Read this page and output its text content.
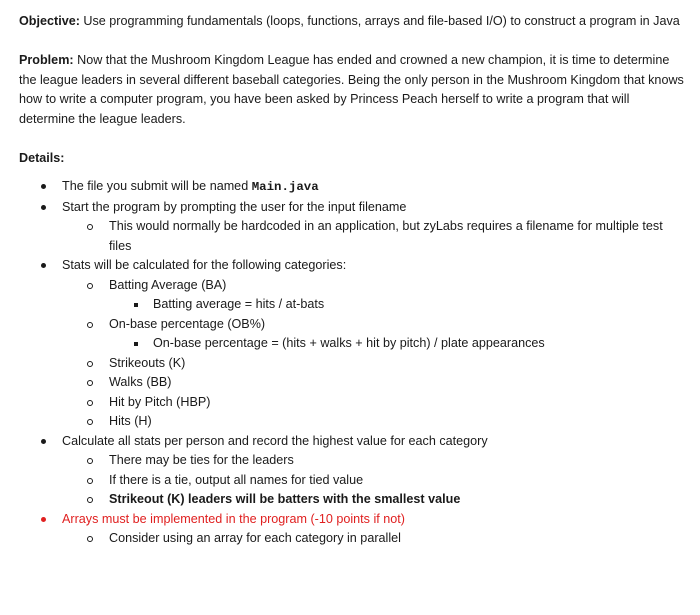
Objective: Use programming fundamentals (loops, functions, arrays and file-based I/O) to construct a program in Java

Problem: Now that the Mushroom Kingdom League has ended and crowned a new champion, it is time to determine the league leaders in several different baseball categories. Being the only person in the Mushroom Kingdom that knows how to write a computer program, you have been asked by Princess Peach herself to write a program that will determine the league leaders.

Details:

The file you submit will be named Main.java
Start the program by prompting the user for the input filename
This would normally be hardcoded in an application, but zyLabs requires a filename for multiple test files
Stats will be calculated for the following categories:
Batting Average (BA)
Batting average = hits / at-bats
On-base percentage (OB%)
On-base percentage = (hits + walks + hit by pitch) / plate appearances
Strikeouts (K)
Walks (BB)
Hit by Pitch (HBP)
Hits (H)
Calculate all stats per person and record the highest value for each category
There may be ties for the leaders
If there is a tie, output all names for tied value
Strikeout (K) leaders will be batters with the smallest value
Arrays must be implemented in the program (-10 points if not)
Consider using an array for each category in parallel
